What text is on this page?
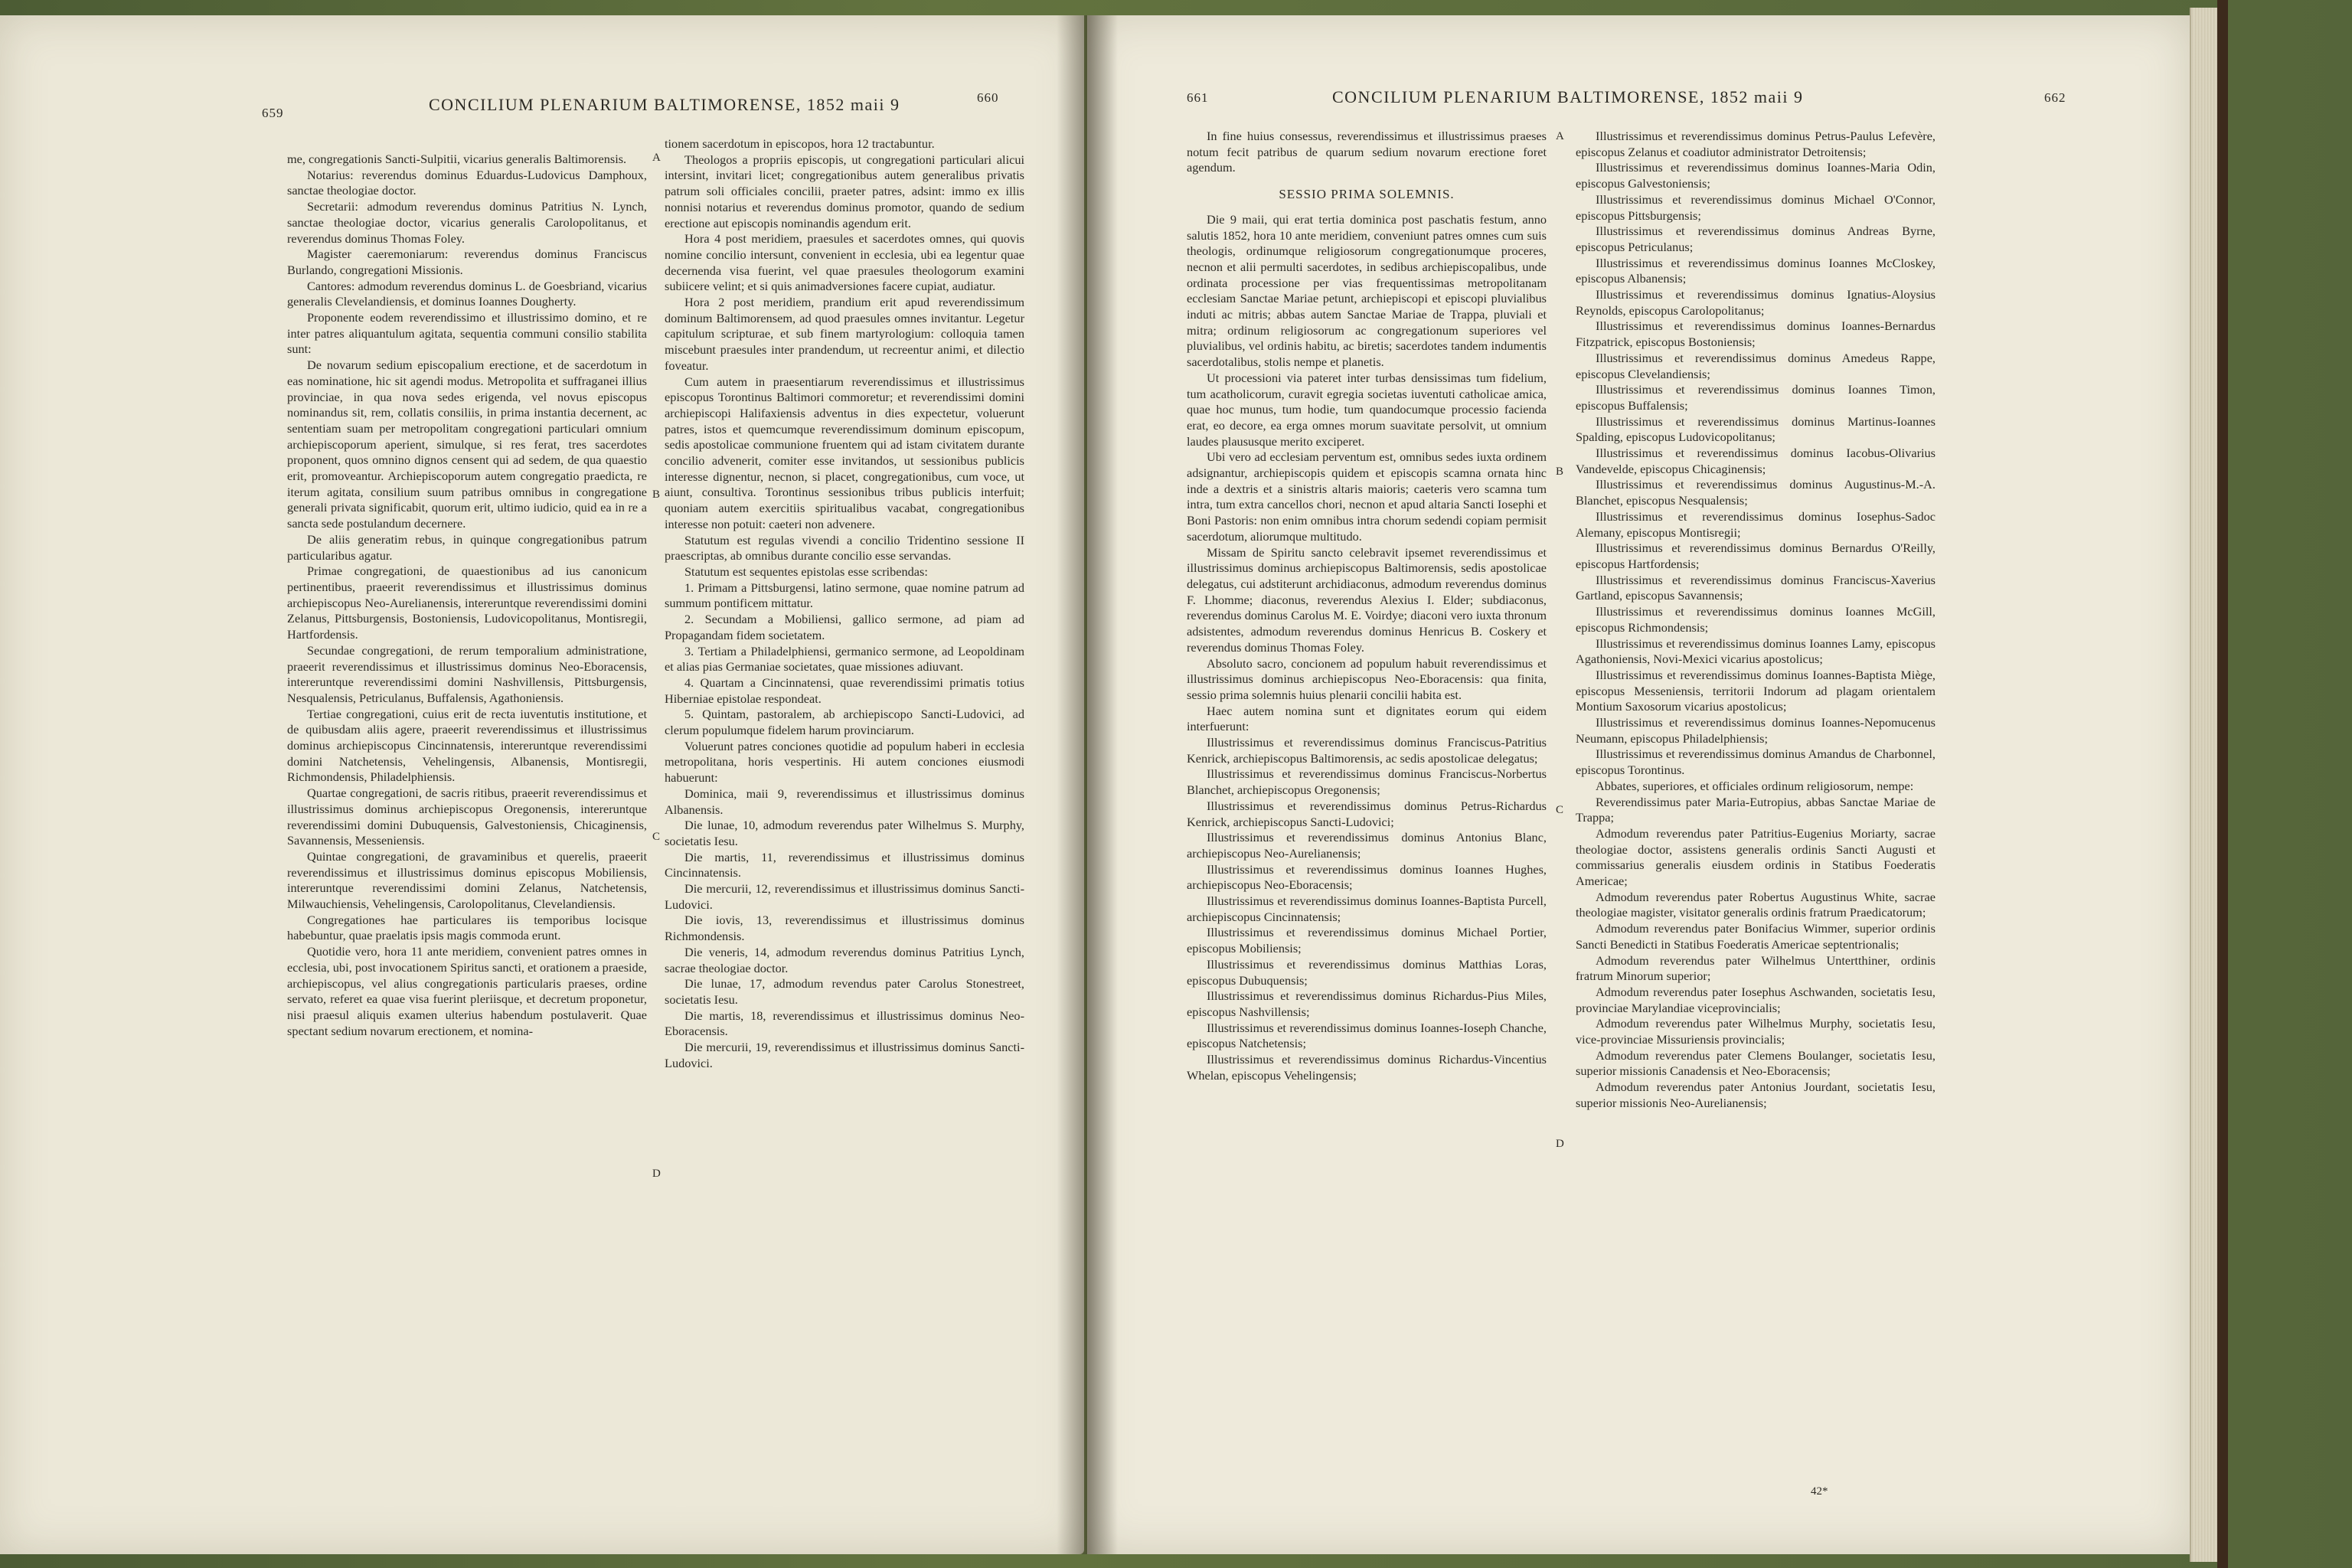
659	CONCILIUM PLENARIUM BALTIMORENSE, 1852 maii 9	660

me, congregationis Sancti-Sulpitii, vicarius generalis Baltimorensis.

Notarius: reverendus dominus Eduardus-Ludovicus Damphoux, sanctae theologiae doctor.

Secretarii: admodum reverendus dominus Patritius N. Lynch, sanctae theologiae doctor, vicarius generalis Carolopolitanus, et reverendus dominus Thomas Foley.

Magister caeremoniarum: reverendus dominus Franciscus Burlando, congregationi Missionis.

Cantores: admodum reverendus dominus L. de Goesbriand, vicarius generalis Clevelandiensis, et dominus Ioannes Dougherty.

Proponente eodem reverendissimo et illustrissimo domino, et re inter patres aliquantulum agitata, sequentia communi consilio stabilita sunt:

De novarum sedium episcopalium erectione, et de sacerdotum in eas nominatione, hic sit agendi modus. Metropolita et suffraganei illius provinciae, in qua nova sedes erigenda, vel novus episcopus nominandus sit, rem, collatis consiliis, in prima instantia decernent, ac sententiam suam per metropolitam congregationi particulari omnium archiepiscoporum aperient, simulque, si res ferat, tres sacerdotes proponent, quos omnino dignos censent qui ad sedem, de qua quaestio erit, promoveantur. Archiepiscoporum autem congregatio praedicta, re iterum agitata, consilium suum patribus omnibus in congregatione generali privata significabit, quorum erit, ultimo iudicio, quid ea in re a sancta sede postulandum decernere.

De aliis generatim rebus, in quinque congregationibus patrum particularibus agatur.

Primae congregationi, de quaestionibus ad ius canonicum pertinentibus, praeerit reverendissimus et illustrissimus dominus archiepiscopus Neo-Aurelianensis, intereruntque reverendissimi domini Zelanus, Pittsburgensis, Bostoniensis, Ludovicopolitanus, Montisregii, Hartfordensis.

Secundae congregationi, de rerum temporalium administratione, praeerit reverendissimus et illustrissimus dominus Neo-Eboracensis, intereruntque reverendissimi domini Nashvillensis, Pittsburgensis, Nesqualensis, Petriculanus, Buffalensis, Agathoniensis.

Tertiae congregationi, cuius erit de recta iuventutis institutione, et de quibusdam aliis agere, praeerit reverendissimus et illustrissimus dominus archiepiscopus Cincinnatensis, intereruntque reverendissimi domini Natchetensis, Vehelingensis, Albanensis, Montisregii, Richmondensis, Philadelphiensis.

Quartae congregationi, de sacris ritibus, praeerit reverendissimus et illustrissimus dominus archiepiscopus Oregonensis, intereruntque reverendissimi domini Dubuquensis, Galvestoniensis, Chicaginensis, Savannensis, Messeniensis.

Quintae congregationi, de gravaminibus et querelis, praeerit reverendissimus et illustrissimus dominus episcopus Mobiliensis, intereruntque reverendissimi domini Zelanus, Natchetensis, Milwauchiensis, Vehelingensis, Carolopolitanus, Clevelandiensis.

Congregationes hae particulares iis temporibus locisque habebuntur, quae praelatis ipsis magis commoda erunt.

Quotidie vero, hora 11 ante meridiem, convenient patres omnes in ecclesia, ubi, post invocationem Spiritus sancti, et orationem a praeside, archiepiscopus, vel alius congregationis particularis praeses, ordine servato, referet ea quae visa fuerint pleriisque, et decretum proponetur, nisi praesul aliquis examen ulterius habendum postulaverit. Quae spectant sedium novarum erectionem, et nomina-

tionem sacerdotum in episcopos, hora 12 tractabuntur.

Theologos a propriis episcopis, ut congregationi particulari alicui intersint, invitari licet; congregationibus autem generalibus privatis patrum soli officiales concilii, praeter patres, adsint: immo ex illis nonnisi notarius et reverendus dominus promotor, quando de sedium erectione aut episcopis nominandis agendum erit.

Hora 4 post meridiem, praesules et sacerdotes omnes, qui quovis nomine concilio intersunt, convenient in ecclesia, ubi ea legentur quae decernenda visa fuerint, vel quae praesules theologorum examini subiicere velint; et si quis animadversiones facere cupiat, audiatur.

Hora 2 post meridiem, prandium erit apud reverendissimum dominum Baltimorensem, ad quod praesules omnes invitantur. Legetur capitulum scripturae, et sub finem martyrologium: colloquia tamen miscebunt praesules inter prandendum, ut recreentur animi, et dilectio foveatur.

Cum autem in praesentiarum reverendissimus et illustrissimus episcopus Torontinus Baltimori commoretur; et reverendissimi domini archiepiscopi Halifaxiensis adventus in dies expectetur, voluerunt patres, istos et quemcumque reverendissimum dominum episcopum, sedis apostolicae communione fruentem qui ad istam civitatem durante concilio advenerit, comiter esse invitandos, ut sessionibus publicis interesse dignentur, necnon, si placet, congregationibus, cum voce, ut aiunt, consultiva. Torontinus sessionibus tribus publicis interfuit; quoniam autem exercitiis spiritualibus vacabat, congregationibus interesse non potuit: caeteri non advenere.

Statutum est regulas vivendi a concilio Tridentino sessione II praescriptas, ab omnibus durante concilio esse servandas.

Statutum est sequentes epistolas esse scribendas:

1. Primam a Pittsburgensi, latino sermone, quae nomine patrum ad summum pontificem mittatur.

2. Secundam a Mobiliensi, gallico sermone, ad piam ad Propagandam fidem societatem.

3. Tertiam a Philadelphiensi, germanico sermone, ad Leopoldinam et alias pias Germaniae societates, quae missiones adiuvant.

4. Quartam a Cincinnatensi, quae reverendissimi primatis totius Hiberniae epistolae respondeat.

5. Quintam, pastoralem, ab archiepiscopo Sancti-Ludovici, ad clerum populumque fidelem harum provinciarum.

Voluerunt patres conciones quotidie ad populum haberi in ecclesia metropolitana, horis vespertinis. Hi autem conciones eiusmodi habuerunt:

Dominica, maii 9, reverendissimus et illustrissimus dominus Albanensis.

Die lunae, 10, admodum reverendus pater Wilhelmus S. Murphy, societatis Iesu.

Die martis, 11, reverendissimus et illustrissimus dominus Cincinnatensis.

Die mercurii, 12, reverendissimus et illustrissimus dominus Sancti-Ludovici.

Die iovis, 13, reverendissimus et illustrissimus dominus Richmondensis.

Die veneris, 14, admodum reverendus dominus Patritius Lynch, sacrae theologiae doctor.

Die lunae, 17, admodum revendus pater Carolus Stonestreet, societatis Iesu.

Die martis, 18, reverendissimus et illustrissimus dominus Neo-Eboracensis.

Die mercurii, 19, reverendissimus et illustrissimus dominus Sancti-Ludovici.

A
B
C
D
661	CONCILIUM PLENARIUM BALTIMORENSE, 1852 maii 9	662

In fine huius consessus, reverendissimus et illustrissimus praeses notum fecit patribus de quarum sedium novarum erectione foret agendum.

SESSIO PRIMA SOLEMNIS.

Die 9 maii, qui erat tertia dominica post paschatis festum, anno salutis 1852, hora 10 ante meridiem, conveniunt patres omnes cum suis theologis, ordinumque religiosorum congregationumque proceres, necnon et alii permulti sacerdotes, in sedibus archiepiscopalibus, unde ordinata processione per vias frequentissimas metropolitanam ecclesiam Sanctae Mariae petunt, archiepiscopi et episcopi pluvialibus induti ac mitris; abbas autem Sanctae Mariae de Trappa, pluviali et mitra; ordinum religiosorum ac congregationum superiores vel pluvialibus, vel ordinis habitu, ac biretis; sacerdotes tandem indumentis sacerdotalibus, stolis nempe et planetis.

Ut processioni via pateret inter turbas densissimas tum fidelium, tum acatholicorum, curavit egregia societas iuventuti catholicae amica, quae hoc munus, tum hodie, tum quandocumque processio facienda erat, eo decore, ea erga omnes morum suavitate persolvit, ut omnium laudes plaususque merito exciperet.

Ubi vero ad ecclesiam perventum est, omnibus sedes iuxta ordinem adsignantur, archiepiscopis quidem et episcopis scamna ornata hinc inde a dextris et a sinistris altaris maioris; caeteris vero scamna tum intra, tum extra cancellos chori, necnon et apud altaria Sancti Iosephi et Boni Pastoris: non enim omnibus intra chorum sedendi copiam permisit sacerdotum, aliorumque multitudo.

Missam de Spiritu sancto celebravit ipsemet reverendissimus et illustrissimus dominus archiepiscopus Baltimorensis, sedis apostolicae delegatus, cui adstiterunt archidiaconus, admodum reverendus dominus F. Lhomme; diaconus, reverendus Alexius I. Elder; subdiaconus, reverendus dominus Carolus M. E. Voirdye; diaconi vero iuxta thronum adsistentes, admodum reverendus dominus Henricus B. Coskery et reverendus dominus Thomas Foley.

Absoluto sacro, concionem ad populum habuit reverendissimus et illustrissimus dominus archiepiscopus Neo-Eboracensis: qua finita, sessio prima solemnis huius plenarii concilii habita est.

Haec autem nomina sunt et dignitates eorum qui eidem interfuerunt:

Illustrissimus et reverendissimus dominus Franciscus-Patritius Kenrick, archiepiscopus Baltimorensis, ac sedis apostolicae delegatus;

Illustrissimus et reverendissimus dominus Franciscus-Norbertus Blanchet, archiepiscopus Oregonensis;

Illustrissimus et reverendissimus dominus Petrus-Richardus Kenrick, archiepiscopus Sancti-Ludovici;

Illustrissimus et reverendissimus dominus Antonius Blanc, archiepiscopus Neo-Aurelianensis;

Illustrissimus et reverendissimus dominus Ioannes Hughes, archiepiscopus Neo-Eboracensis;

Illustrissimus et reverendissimus dominus Ioannes-Baptista Purcell, archiepiscopus Cincinnatensis;

Illustrissimus et reverendissimus dominus Michael Portier, episcopus Mobiliensis;

Illustrissimus et reverendissimus dominus Matthias Loras, episcopus Dubuquensis;

Illustrissimus et reverendissimus dominus Richardus-Pius Miles, episcopus Nashvillensis;

Illustrissimus et reverendissimus dominus Ioannes-Ioseph Chanche, episcopus Natchetensis;

Illustrissimus et reverendissimus dominus Richardus-Vincentius Whelan, episcopus Vehelingensis;

Illustrissimus et reverendissimus dominus Petrus-Paulus Lefevère, episcopus Zelanus et coadiutor administrator Detroitensis;

Illustrissimus et reverendissimus dominus Ioannes-Maria Odin, episcopus Galvestoniensis;

Illustrissimus et reverendissimus dominus Michael O'Connor, episcopus Pittsburgensis;

Illustrissimus et reverendissimus dominus Andreas Byrne, episcopus Petriculanus;

Illustrissimus et reverendissimus dominus Ioannes McCloskey, episcopus Albanensis;

Illustrissimus et reverendissimus dominus Ignatius-Aloysius Reynolds, episcopus Carolopolitanus;

Illustrissimus et reverendissimus dominus Ioannes-Bernardus Fitzpatrick, episcopus Bostoniensis;

Illustrissimus et reverendissimus dominus Amedeus Rappe, episcopus Clevelandiensis;

Illustrissimus et reverendissimus dominus Ioannes Timon, episcopus Buffalensis;

Illustrissimus et reverendissimus dominus Martinus-Ioannes Spalding, episcopus Ludovicopolitanus;

Illustrissimus et reverendissimus dominus Iacobus-Olivarius Vandevelde, episcopus Chicaginensis;

Illustrissimus et reverendissimus dominus Augustinus-M.-A. Blanchet, episcopus Nesqualensis;

Illustrissimus et reverendissimus dominus Iosephus-Sadoc Alemany, episcopus Montisregii;

Illustrissimus et reverendissimus dominus Bernardus O'Reilly, episcopus Hartfordensis;

Illustrissimus et reverendissimus dominus Franciscus-Xaverius Gartland, episcopus Savannensis;

Illustrissimus et reverendissimus dominus Ioannes McGill, episcopus Richmondensis;

Illustrissimus et reverendissimus dominus Ioannes Lamy, episcopus Agathoniensis, Novi-Mexici vicarius apostolicus;

Illustrissimus et reverendissimus dominus Ioannes-Baptista Miège, episcopus Messeniensis, territorii Indorum ad plagam orientalem Montium Saxosorum vicarius apostolicus;

Illustrissimus et reverendissimus dominus Ioannes-Nepomucenus Neumann, episcopus Philadelphiensis;

Illustrissimus et reverendissimus dominus Amandus de Charbonnel, episcopus Torontinus.

Abbates, superiores, et officiales ordinum religiosorum, nempe:

Reverendissimus pater Maria-Eutropius, abbas Sanctae Mariae de Trappa;

Admodum reverendus pater Patritius-Eugenius Moriarty, sacrae theologiae doctor, assistens generalis ordinis Sancti Augusti et commissarius generalis eiusdem ordinis in Statibus Foederatis Americae;

Admodum reverendus pater Robertus Augustinus White, sacrae theologiae magister, visitator generalis ordinis fratrum Praedicatorum;

Admodum reverendus pater Bonifacius Wimmer, superior ordinis Sancti Benedicti in Statibus Foederatis Americae septentrionalis;

Admodum reverendus pater Wilhelmus Untertthiner, ordinis fratrum Minorum superior;

Admodum reverendus pater Iosephus Aschwanden, societatis Iesu, provinciae Marylandiae viceprovincialis;

Admodum reverendus pater Wilhelmus Murphy, societatis Iesu, vice-provinciae Missuriensis provincialis;

Admodum reverendus pater Clemens Boulanger, societatis Iesu, superior missionis Canadensis et Neo-Eboracensis;

Admodum reverendus pater Antonius Jourdant, societatis Iesu, superior missionis Neo-Aurelianensis;

A
B
C
D
42*
